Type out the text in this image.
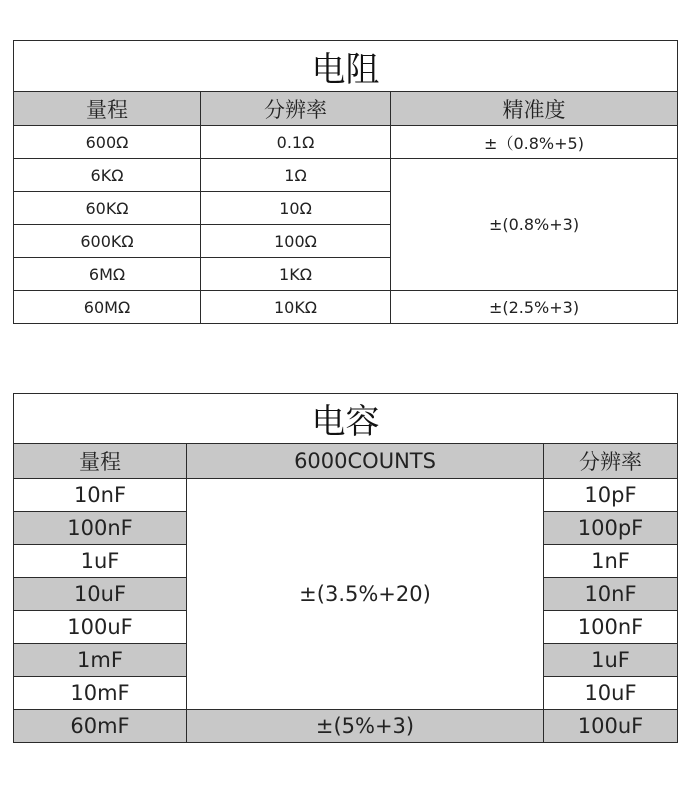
电阻		
量程	分辨率	精准度
600Ω	0.1Ω	±（0.8%+5)
6KΩ	1Ω	±(0.8%+3)
60KΩ	10Ω	
600KΩ	100Ω	
6MΩ	1KΩ	
60MΩ	10KΩ	±(2.5%+3)
电容		
量程	6000COUNTS	分辨率
10nF	±(3.5%+20)	10pF
100nF		100pF
1uF		1nF
10uF		10nF
100uF		100nF
1mF		1uF
10mF		10uF
60mF	±(5%+3)	100uF
